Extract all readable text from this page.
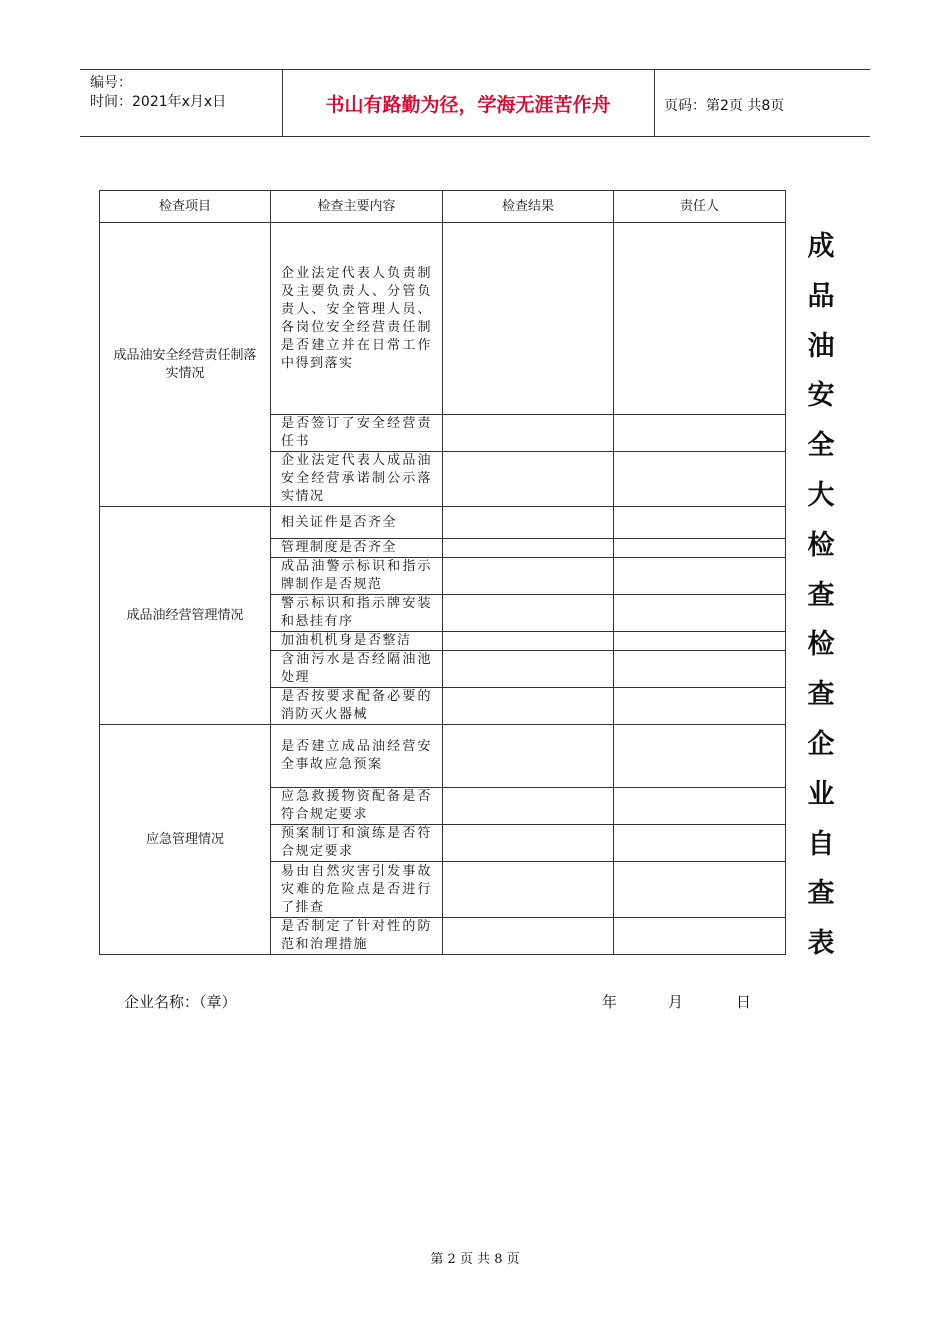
编号：
时间：2021年x月x日	书山有路勤为径，学海无涯苦作舟	页码：第2页 共8页
检查项目	检查主要内容	检查结果	责任人
成品油安全经营责任制落实情况	企业法定代表人负责制及主要负责人、分管负责人、安全管理人员、各岗位安全经营责任制是否建立并在日常工作中得到落实		
	是否签订了安全经营责任书		
	企业法定代表人成品油安全经营承诺制公示落实情况		
成品油经营管理情况	相关证件是否齐全		
	管理制度是否齐全		
	成品油警示标识和指示牌制作是否规范		
	警示标识和指示牌安装和悬挂有序		
	加油机机身是否整洁		
	含油污水是否经隔油池处理		
	是否按要求配备必要的消防灭火器械		
应急管理情况	是否建立成品油经营安全事故应急预案		
	应急救援物资配备是否符合规定要求		
	预案制订和演练是否符合规定要求		
	易由自然灾害引发事故灾难的危险点是否进行了排查		
	是否制定了针对性的防范和治理措施		
成
品
油
安
全
大
检
查
检
查
企
业
自
查
表
企业名称：（章）	年	月	日
第 2 页 共 8 页
